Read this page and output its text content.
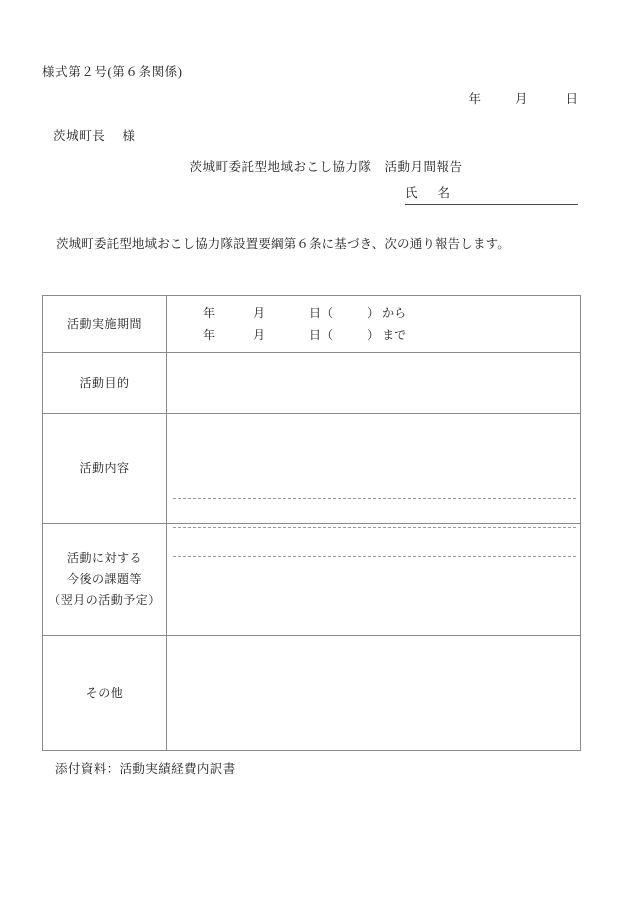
様式第２号(第６条関係)
年	月	日
茨城町長 様
茨城町委託型地域おこし協力隊 活動月間報告
氏 名
茨城町委託型地域おこし協力隊設置要綱第６条に基づき、次の通り報告します。
活動実施期間	年 月 日（ ） から
年 月 日（ ） まで

活動目的	

活動内容	

活動に対する
今後の課題等
（翌月の活動予定）	

その他	

添付資料：活動実績経費内訳書
